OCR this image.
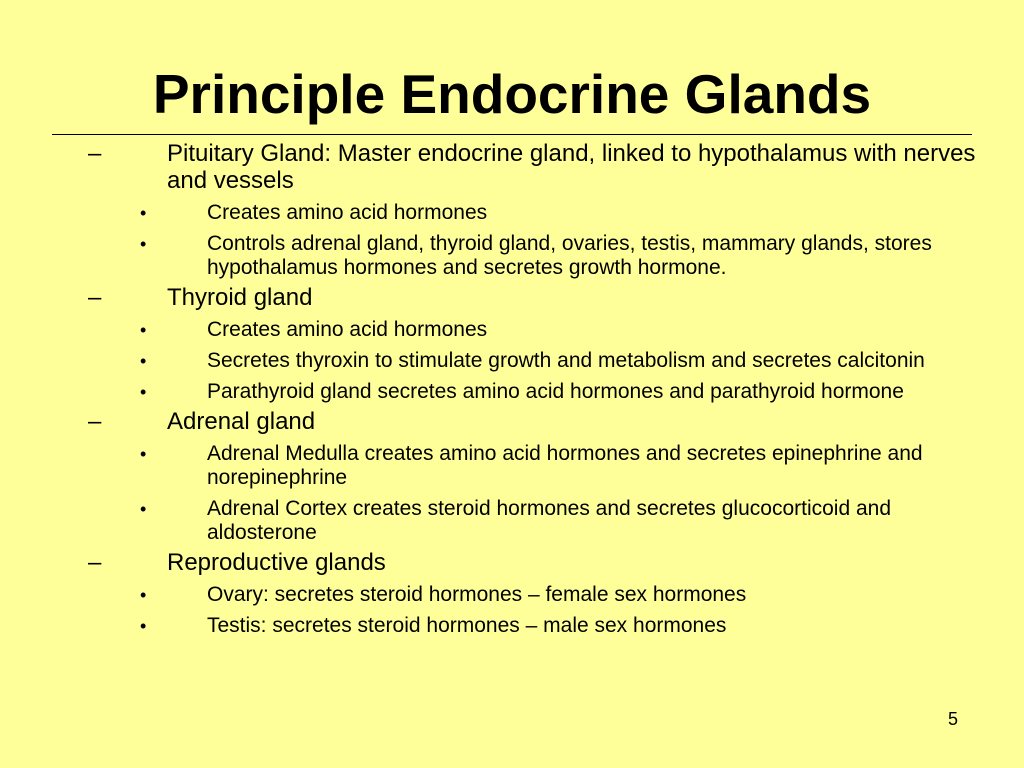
Principle Endocrine Glands
–	Pituitary Gland: Master endocrine gland, linked to hypothalamus with nerves and vessels
•	Creates amino acid hormones
•	Controls adrenal gland, thyroid gland, ovaries, testis, mammary glands, stores hypothalamus hormones and secretes growth hormone.
–	Thyroid gland
•	Creates amino acid hormones
•	Secretes thyroxin to stimulate growth and metabolism and secretes calcitonin
•	Parathyroid gland secretes amino acid hormones and parathyroid hormone
–	Adrenal gland
•	Adrenal Medulla creates amino acid hormones and secretes epinephrine and norepinephrine
•	Adrenal Cortex creates steroid hormones and secretes glucocorticoid and aldosterone
–	Reproductive glands
•	Ovary: secretes steroid hormones – female sex hormones
•	Testis: secretes steroid hormones – male sex hormones
5
